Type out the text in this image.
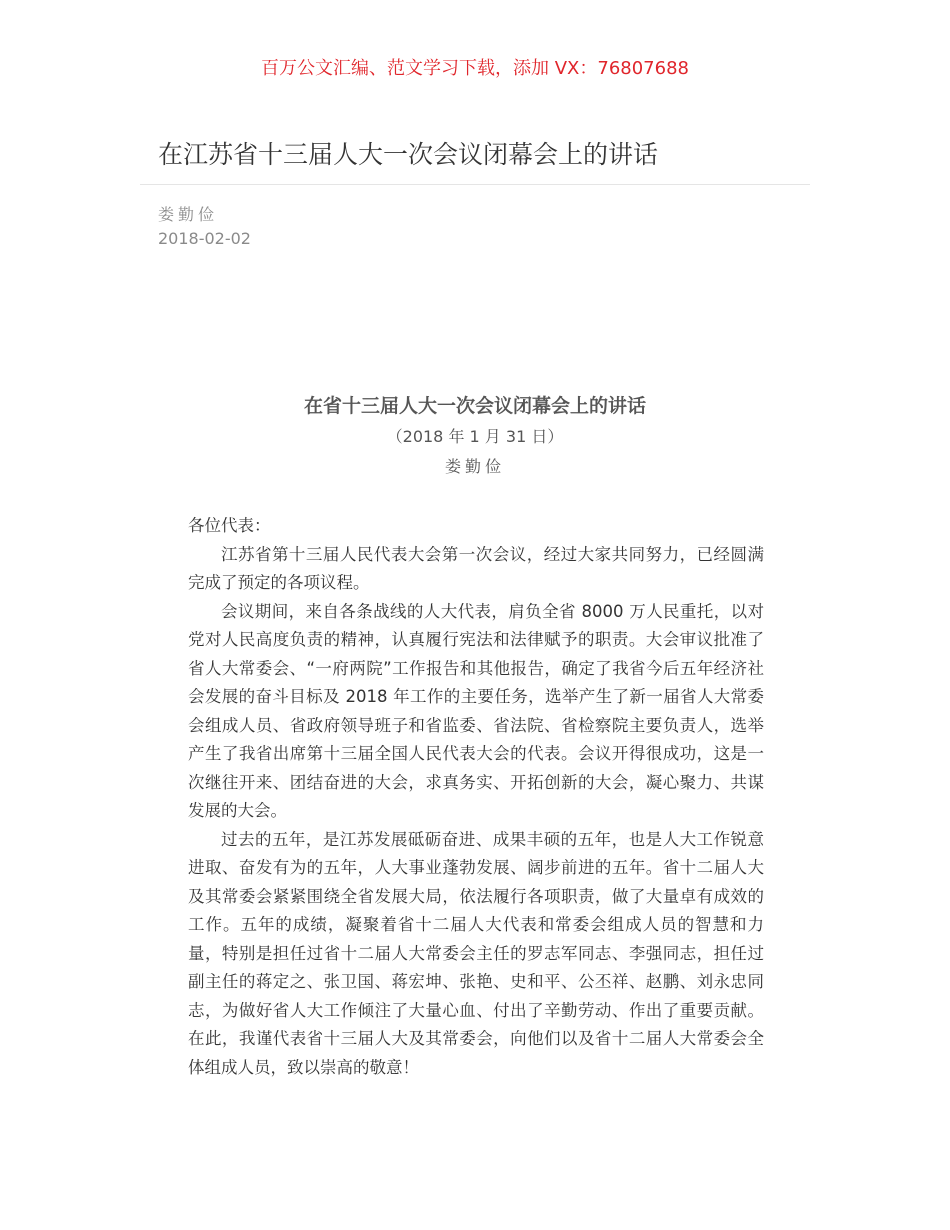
百万公文汇编、范文学习下载，添加 VX：76807688
在江苏省十三届人大一次会议闭幕会上的讲话
娄勤俭
2018-02-02
在省十三届人大一次会议闭幕会上的讲话
（2018 年 1 月 31 日）
娄勤俭

各位代表：

江苏省第十三届人民代表大会第一次会议，经过大家共同努力，已经圆满完成了预定的各项议程。

会议期间，来自各条战线的人大代表，肩负全省 8000 万人民重托，以对党对人民高度负责的精神，认真履行宪法和法律赋予的职责。大会审议批准了省人大常委会、“一府两院”工作报告和其他报告，确定了我省今后五年经济社会发展的奋斗目标及 2018 年工作的主要任务，选举产生了新一届省人大常委会组成人员、省政府领导班子和省监委、省法院、省检察院主要负责人，选举产生了我省出席第十三届全国人民代表大会的代表。会议开得很成功，这是一次继往开来、团结奋进的大会，求真务实、开拓创新的大会，凝心聚力、共谋发展的大会。

过去的五年，是江苏发展砥砺奋进、成果丰硕的五年，也是人大工作锐意进取、奋发有为的五年，人大事业蓬勃发展、阔步前进的五年。省十二届人大及其常委会紧紧围绕全省发展大局，依法履行各项职责，做了大量卓有成效的工作。五年的成绩，凝聚着省十二届人大代表和常委会组成人员的智慧和力量，特别是担任过省十二届人大常委会主任的罗志军同志、李强同志，担任过副主任的蒋定之、张卫国、蒋宏坤、张艳、史和平、公丕祥、赵鹏、刘永忠同志，为做好省人大工作倾注了大量心血、付出了辛勤劳动、作出了重要贡献。在此，我谨代表省十三届人大及其常委会，向他们以及省十二届人大常委会全体组成人员，致以崇高的敬意！
